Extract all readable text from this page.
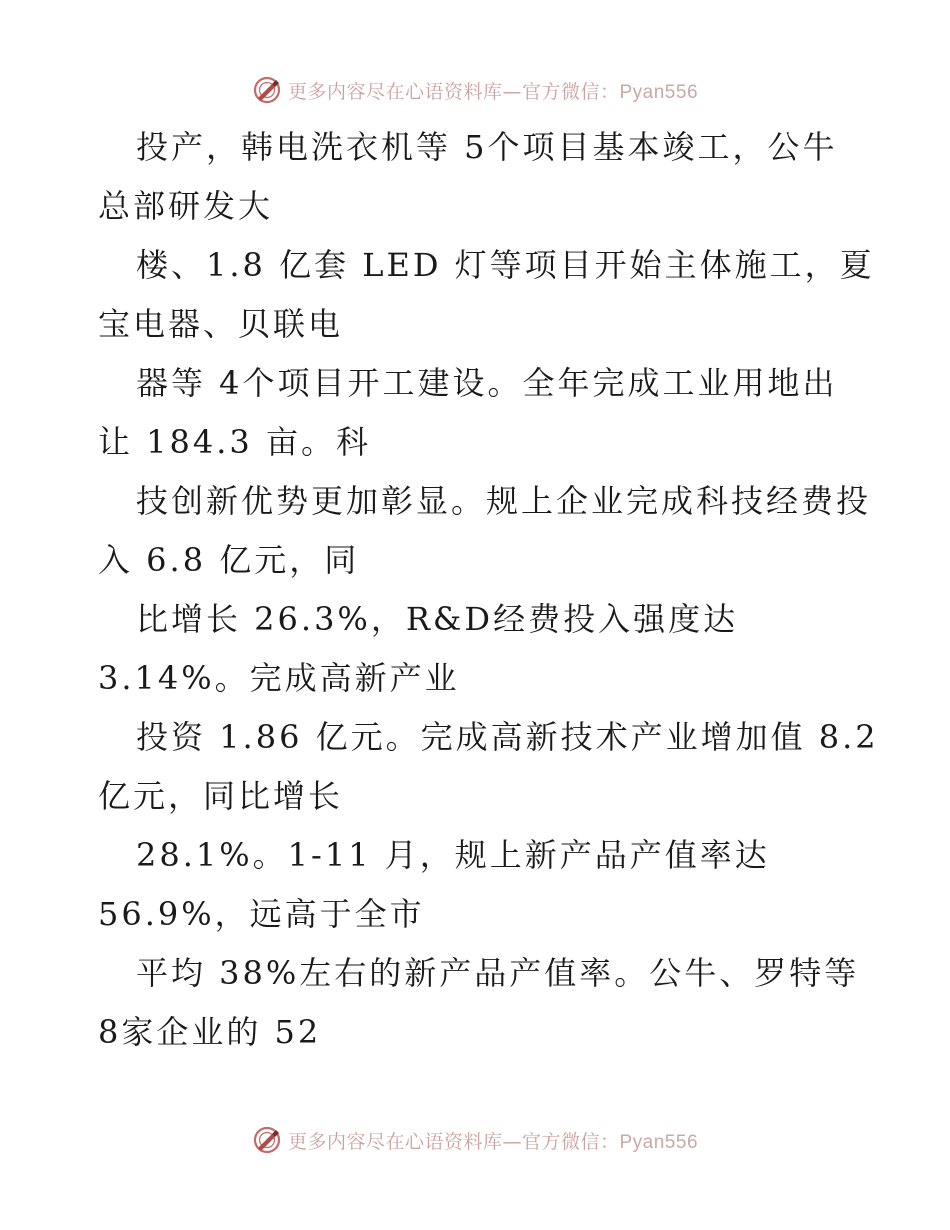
更多内容尽在心语资料库—官方微信：Pyan556
投产，韩电洗衣机等 5个项目基本竣工，公牛
总部研发大
楼、1.8 亿套 LED 灯等项目开始主体施工，夏
宝电器、贝联电
器等 4个项目开工建设。全年完成工业用地出
让 184.3 亩。科
技创新优势更加彰显。规上企业完成科技经费投
入 6.8 亿元，同
比增长 26.3%，R&D经费投入强度达
3.14%。完成高新产业
投资 1.86 亿元。完成高新技术产业增加值 8.2
亿元，同比增长
28.1%。1-11 月，规上新产品产值率达
56.9%，远高于全市
平均 38%左右的新产品产值率。公牛、罗特等
8家企业的 52
更多内容尽在心语资料库—官方微信：Pyan556
